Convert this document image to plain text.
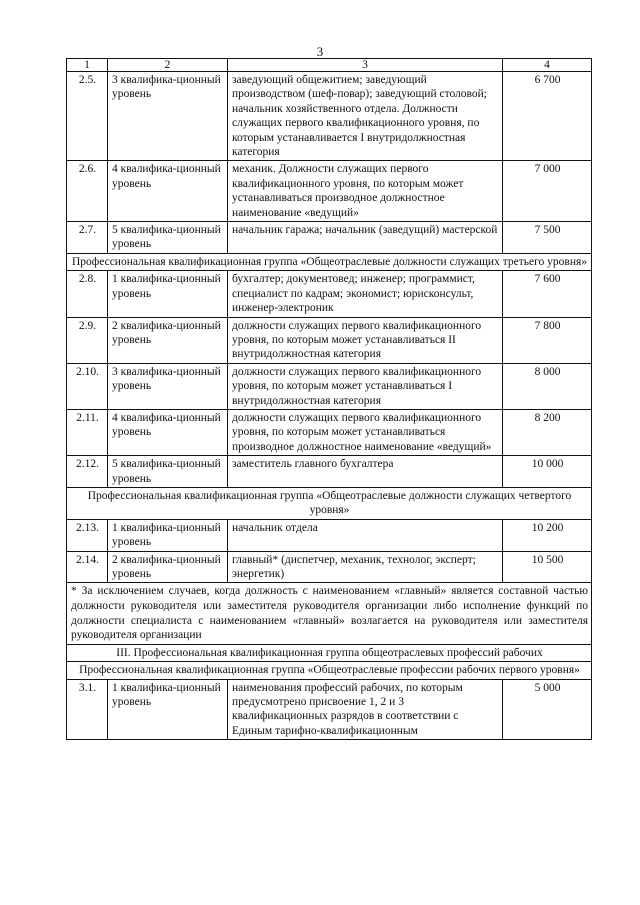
3
1	2	3	4
2.5.	3 квалифика-ционный уровень	заведующий общежитием; заведующий производством (шеф-повар); заведующий столовой; начальник хозяйственного отдела. Должности служащих первого квалификационного уровня, по которым устанавливается I внутридолжностная категория	6 700
2.6.	4 квалифика-ционный уровень	механик. Должности служащих первого квалификационного уровня, по которым может устанавливаться производное должностное наименование «ведущий»	7 000
2.7.	5 квалифика-ционный уровень	начальник гаража; начальник (заведущий) мастерской	7 500
Профессиональная квалификационная группа «Общеотраслевые должности служащих третьего уровня»			
2.8.	1 квалифика-ционный уровень	бухгалтер; документовед; инженер; программист, специалист по кадрам; экономист; юрисконсульт, инженер-электроник	7 600
2.9.	2 квалифика-ционный уровень	должности служащих первого квалификационного уровня, по которым может устанавливаться II внутридолжностная категория	7 800
2.10.	3 квалифика-ционный уровень	должности служащих первого квалификационного уровня, по которым может устанавливаться I внутридолжностная категория	8 000
2.11.	4 квалифика-ционный уровень	должности служащих первого квалификационного уровня, по которым может устанавливаться производное должностное наименование «ведущий»	8 200
2.12.	5 квалифика-ционный уровень	заместитель главного бухгалтера	10 000
Профессиональная квалификационная группа «Общеотраслевые должности служащих четвертого уровня»			
2.13.	1 квалифика-ционный уровень	начальник отдела	10 200
2.14.	2 квалифика-ционный уровень	главный* (диспетчер, механик, технолог, эксперт; энергетик)	10 500
* За исключением случаев, когда должность с наименованием «главный» является составной частью должности руководителя или заместителя руководителя организации либо исполнение функций по должности специалиста с наименованием «главный» возлагается на руководителя или заместителя руководителя организации			
III. Профессиональная квалификационная группа общеотраслевых профессий рабочих			
Профессиональная квалификационная группа «Общеотраслевые профессии рабочих первого уровня»			
3.1.	1 квалифика-ционный уровень	наименования профессий рабочих, по которым предусмотрено присвоение 1, 2 и 3 квалификационных разрядов в соответствии с Единым тарифно-квалификационным	5 000
